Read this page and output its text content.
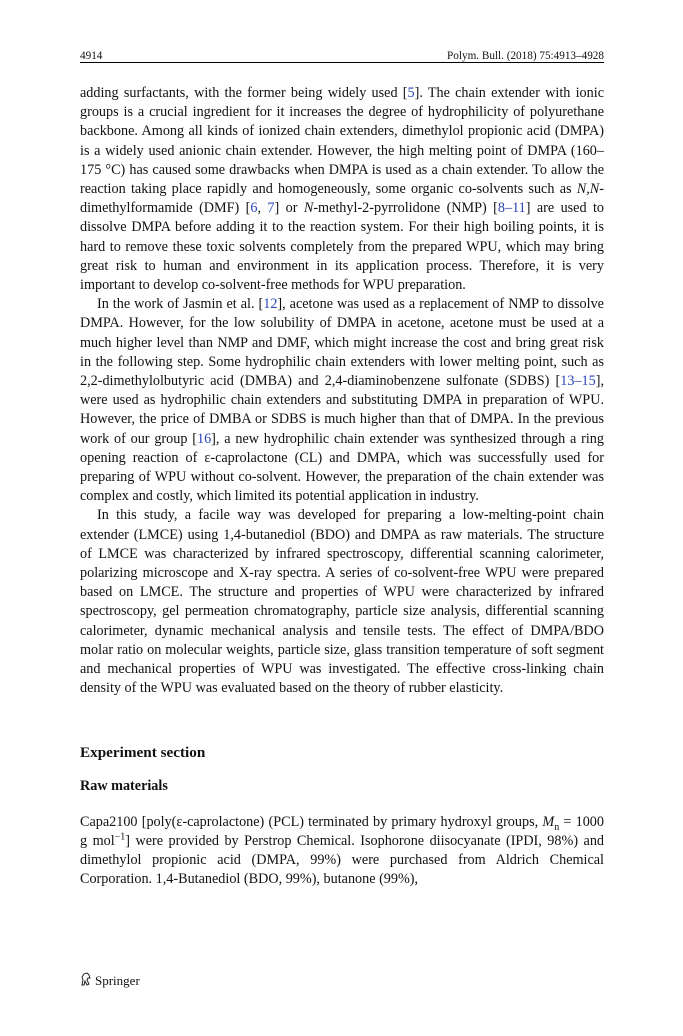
4914	Polym. Bull. (2018) 75:4913–4928

adding surfactants, with the former being widely used [5]. The chain extender with ionic groups is a crucial ingredient for it increases the degree of hydrophilicity of polyurethane backbone. Among all kinds of ionized chain extenders, dimethylol propionic acid (DMPA) is a widely used anionic chain extender. However, the high melting point of DMPA (160–175 °C) has caused some drawbacks when DMPA is used as a chain extender. To allow the reaction taking place rapidly and homogeneously, some organic co-solvents such as N,N-dimethylformamide (DMF) [6, 7] or N-methyl-2-pyrrolidone (NMP) [8–11] are used to dissolve DMPA before adding it to the reaction system. For their high boiling points, it is hard to remove these toxic solvents completely from the prepared WPU, which may bring great risk to human and environment in its application process. Therefore, it is very important to develop co-solvent-free methods for WPU preparation.

In the work of Jasmin et al. [12], acetone was used as a replacement of NMP to dissolve DMPA. However, for the low solubility of DMPA in acetone, acetone must be used at a much higher level than NMP and DMF, which might increase the cost and bring great risk in the following step. Some hydrophilic chain extenders with lower melting point, such as 2,2-dimethylolbutyric acid (DMBA) and 2,4-diaminobenzene sulfonate (SDBS) [13–15], were used as hydrophilic chain extenders and substituting DMPA in preparation of WPU. However, the price of DMBA or SDBS is much higher than that of DMPA. In the previous work of our group [16], a new hydrophilic chain extender was synthesized through a ring opening reaction of ε-caprolactone (CL) and DMPA, which was successfully used for preparing of WPU without co-solvent. However, the preparation of the chain extender was complex and costly, which limited its potential application in industry.

In this study, a facile way was developed for preparing a low-melting-point chain extender (LMCE) using 1,4-butanediol (BDO) and DMPA as raw materials. The structure of LMCE was characterized by infrared spectroscopy, differential scanning calorimeter, polarizing microscope and X-ray spectra. A series of co-solvent-free WPU were prepared based on LMCE. The structure and properties of WPU were characterized by infrared spectroscopy, gel permeation chromatography, particle size analysis, differential scanning calorimeter, dynamic mechanical analysis and tensile tests. The effect of DMPA/BDO molar ratio on molecular weights, particle size, glass transition temperature of soft segment and mechanical properties of WPU was investigated. The effective cross-linking chain density of the WPU was evaluated based on the theory of rubber elasticity.

Experiment section
Raw materials

Capa2100 [poly(ε-caprolactone) (PCL) terminated by primary hydroxyl groups, $M_n = 1000$ g mol$^{-1}$] were provided by Perstrop Chemical. Isophorone diisocyanate (IPDI, 98%) and dimethylol propionic acid (DMPA, 99%) were purchased from Aldrich Chemical Corporation. 1,4-Butanediol (BDO, 99%), butanone (99%),

Springer
